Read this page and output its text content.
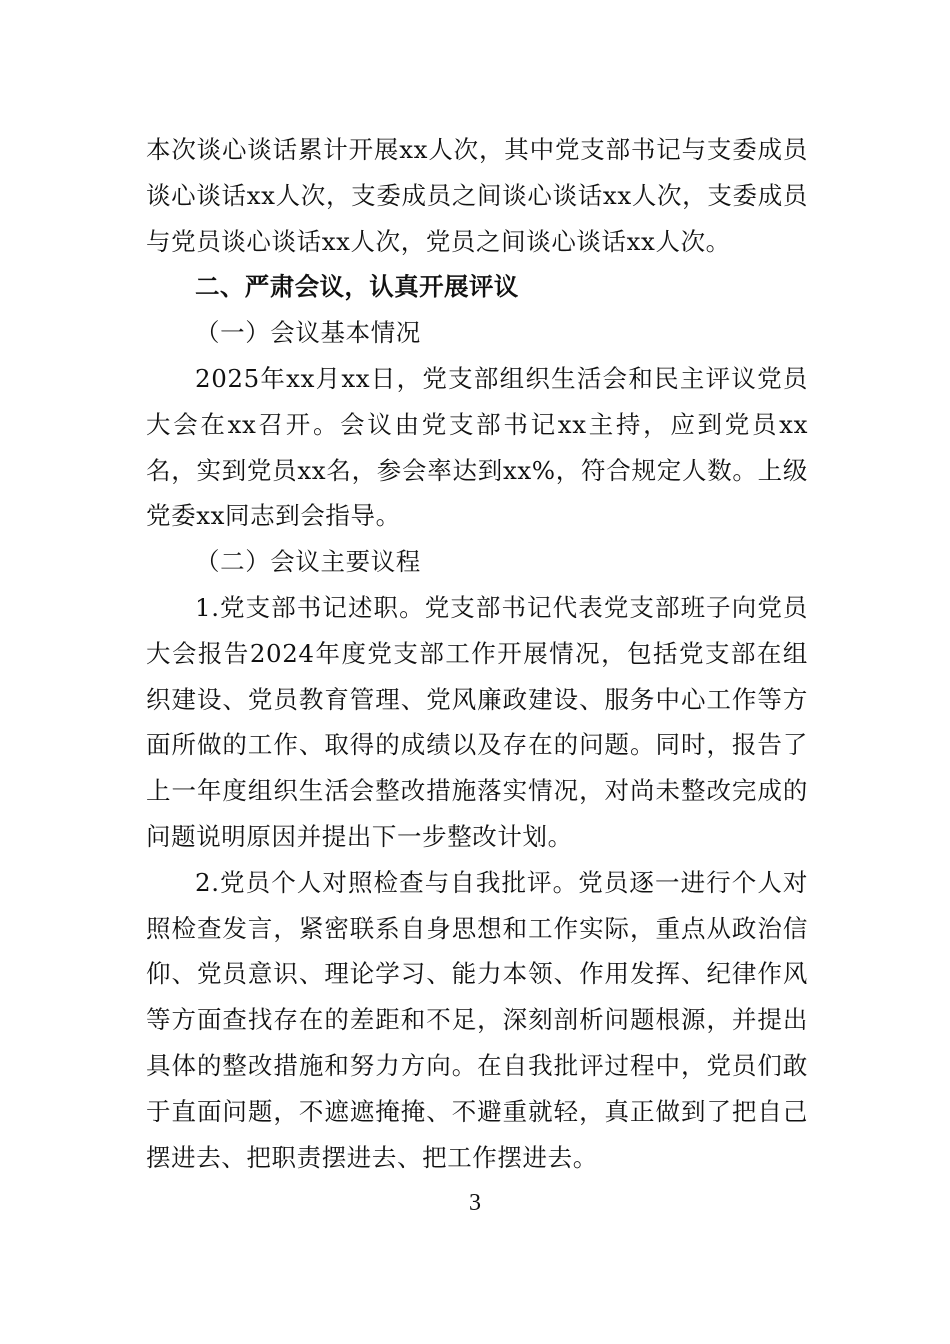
本次谈心谈话累计开展xx人次，其中党支部书记与支委成员谈心谈话xx人次，支委成员之间谈心谈话xx人次，支委成员与党员谈心谈话xx人次，党员之间谈心谈话xx人次。

二、严肃会议，认真开展评议

（一）会议基本情况

2025年xx月xx日，党支部组织生活会和民主评议党员大会在xx召开。会议由党支部书记xx主持，应到党员xx名，实到党员xx名，参会率达到xx%，符合规定人数。上级党委xx同志到会指导。

（二）会议主要议程

1.党支部书记述职。党支部书记代表党支部班子向党员大会报告2024年度党支部工作开展情况，包括党支部在组织建设、党员教育管理、党风廉政建设、服务中心工作等方面所做的工作、取得的成绩以及存在的问题。同时，报告了上一年度组织生活会整改措施落实情况，对尚未整改完成的问题说明原因并提出下一步整改计划。

2.党员个人对照检查与自我批评。党员逐一进行个人对照检查发言，紧密联系自身思想和工作实际，重点从政治信仰、党员意识、理论学习、能力本领、作用发挥、纪律作风等方面查找存在的差距和不足，深刻剖析问题根源，并提出具体的整改措施和努力方向。在自我批评过程中，党员们敢于直面问题，不遮遮掩掩、不避重就轻，真正做到了把自己摆进去、把职责摆进去、把工作摆进去。

3
